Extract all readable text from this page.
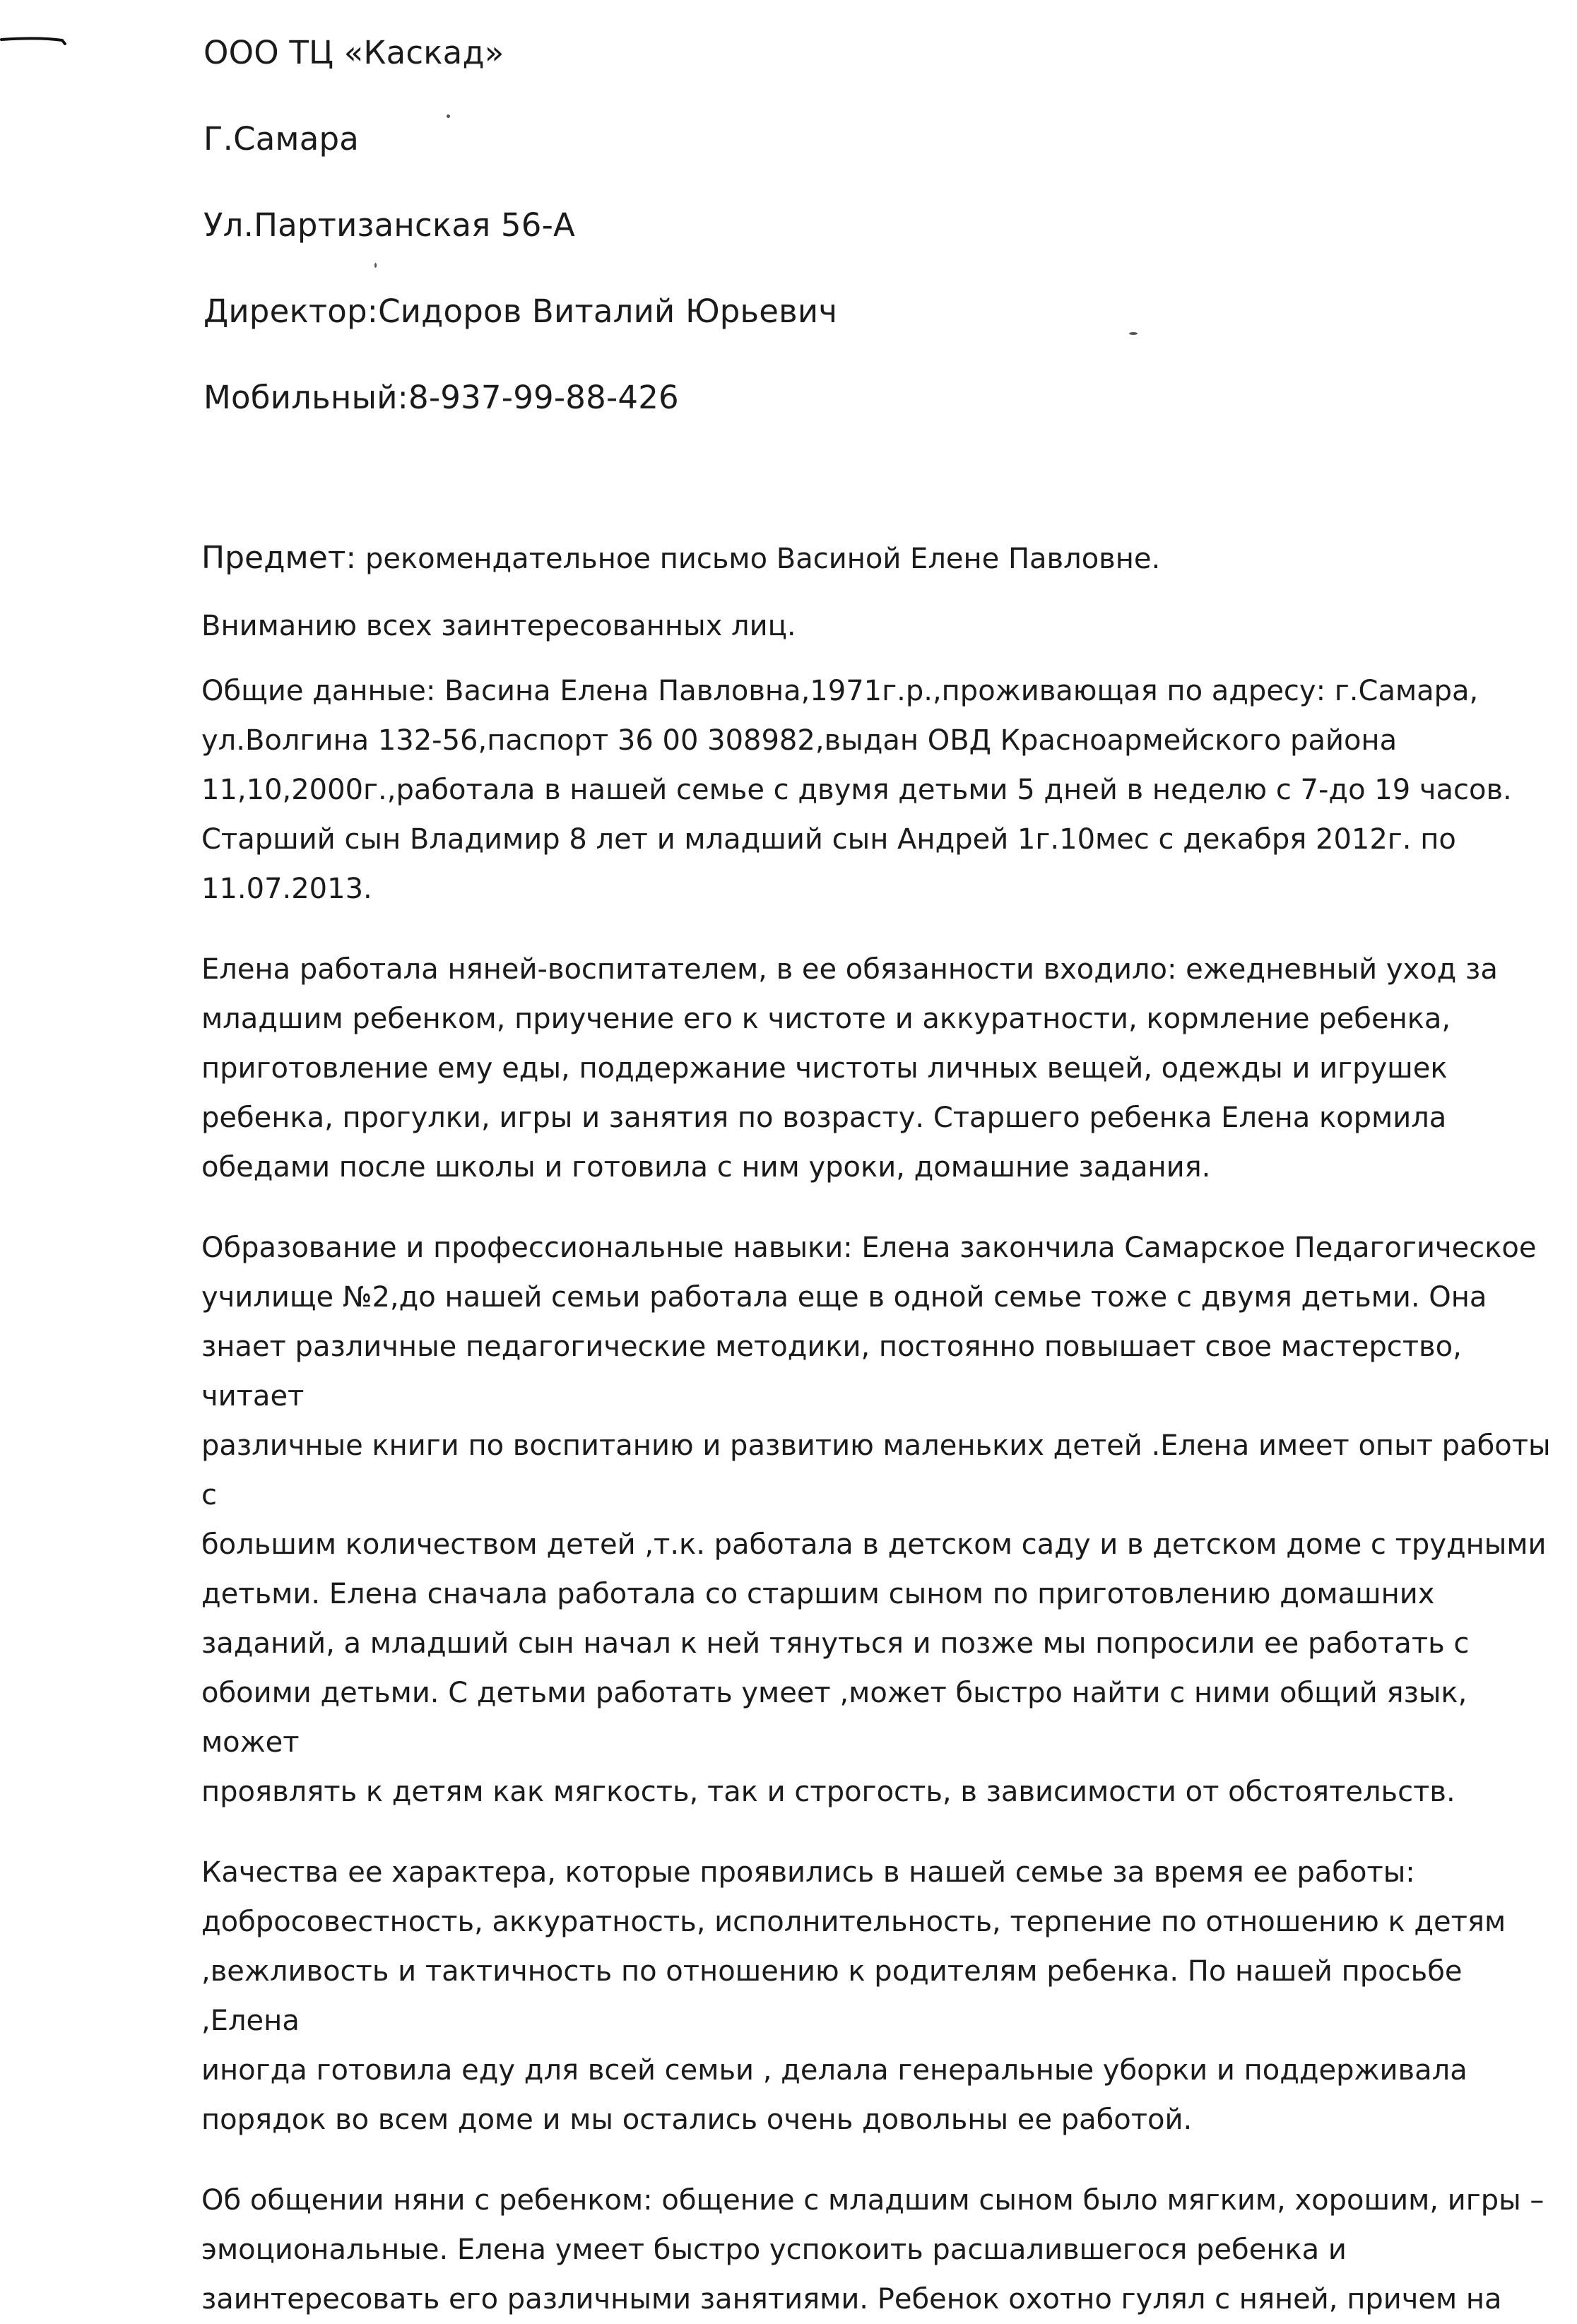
ООО ТЦ «Каскад»
Г.Самара
Ул.Партизанская 56-А
Директор:Сидоров Виталий Юрьевич
Мобильный:8-937-99-88-426
Предмет: рекомендательное письмо Васиной Елене Павловне.
Вниманию всех заинтересованных лиц.
Общие данные: Васина Елена Павловна,1971г.р.,проживающая по адресу: г.Самара,
ул.Волгина 132-56,паспорт 36 00 308982,выдан ОВД Красноармейского района
11,10,2000г.,работала в нашей семье с двумя детьми 5 дней в неделю с 7-до 19 часов.
Старший сын Владимир 8 лет и младший сын Андрей 1г.10мес с декабря 2012г. по
11.07.2013.
Елена работала няней-воспитателем, в ее обязанности входило: ежедневный уход за
младшим ребенком, приучение его к чистоте и аккуратности, кормление ребенка,
приготовление ему еды, поддержание чистоты личных вещей, одежды и игрушек
ребенка, прогулки, игры и занятия по возрасту. Старшего ребенка Елена кормила
обедами после школы и готовила с ним уроки, домашние задания.
Образование и профессиональные навыки: Елена закончила Самарское Педагогическое
училище №2,до нашей семьи работала еще в одной семье тоже с двумя детьми. Она
знает различные педагогические методики, постоянно повышает свое мастерство, читает
различные книги по воспитанию и развитию маленьких детей .Елена имеет опыт работы с
большим количеством детей ,т.к. работала в детском саду и в детском доме с трудными
детьми. Елена сначала работала со старшим сыном по приготовлению домашних
заданий, а младший сын начал к ней тянуться и позже мы попросили ее работать с
обоими детьми. С детьми работать умеет ,может быстро найти с ними общий язык, может
проявлять к детям как мягкость, так и строгость, в зависимости от обстоятельств.
Качества ее характера, которые проявились в нашей семье за время ее работы:
добросовестность, аккуратность, исполнительность, терпение по отношению к детям
,вежливость и тактичность по отношению к родителям ребенка. По нашей просьбе ,Елена
иногда готовила еду для всей семьи , делала генеральные уборки и поддерживала
порядок во всем доме и мы остались очень довольны ее работой.
Об общении няни с ребенком: общение с младшим сыном было мягким, хорошим, игры –
эмоциональные. Елена умеет быстро успокоить расшалившегося ребенка и
заинтересовать его различными занятиями. Ребенок охотно гулял с няней, причем на
